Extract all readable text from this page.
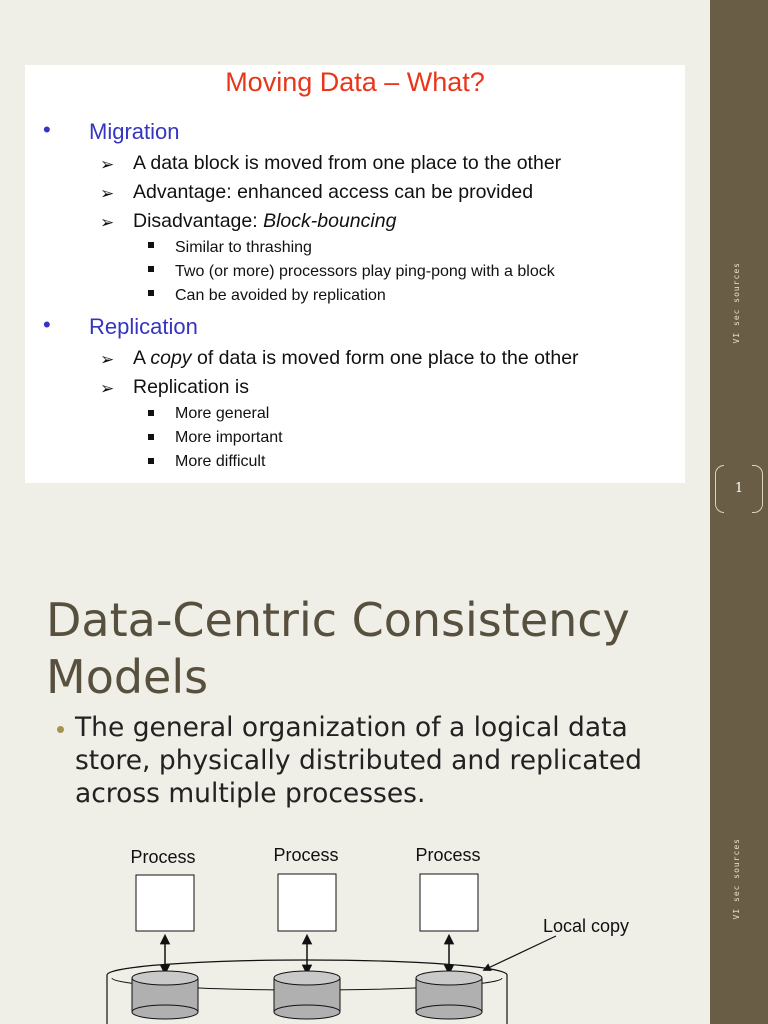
Moving Data – What?
• Migration
➢ A data block is moved from one place to the other
➢ Advantage: enhanced access can be provided
➢ Disadvantage: Block-bouncing
Similar to thrashing
Two (or more) processors play ping-pong with a block
Can be avoided by replication
• Replication
➢ A copy of data is moved form one place to the other
➢ Replication is
More general
More important
More difficult
VI sec sources
1
Data-Centric Consistency
Models
The general organization of a logical data store, physically distributed and replicated across multiple processes.
Process	Process	Process
Local copy
VI sec sources
